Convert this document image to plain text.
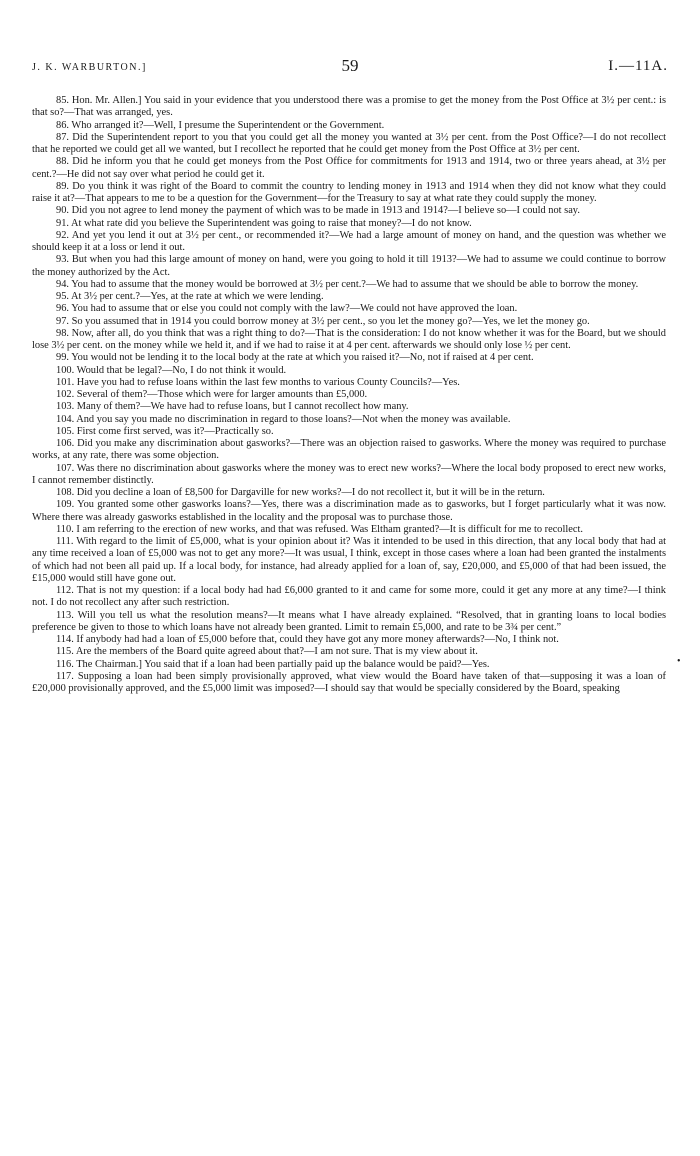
J. K. WARBURTON.]	59	I.—11A.

85. Hon. Mr. Allen.] You said in your evidence that you understood there was a promise to get the money from the Post Office at 3½ per cent.: is that so?—That was arranged, yes.

86. Who arranged it?—Well, I presume the Superintendent or the Government.

87. Did the Superintendent report to you that you could get all the money you wanted at 3½ per cent. from the Post Office?—I do not recollect that he reported we could get all we wanted, but I recollect he reported that he could get money from the Post Office at 3½ per cent.

88. Did he inform you that he could get moneys from the Post Office for commitments for 1913 and 1914, two or three years ahead, at 3½ per cent.?—He did not say over what period he could get it.

89. Do you think it was right of the Board to commit the country to lending money in 1913 and 1914 when they did not know what they could raise it at?—That appears to me to be a question for the Government—for the Treasury to say at what rate they could supply the money.

90. Did you not agree to lend money the payment of which was to be made in 1913 and 1914?—I believe so—I could not say.

91. At what rate did you believe the Superintendent was going to raise that money?—I do not know.

92. And yet you lend it out at 3½ per cent., or recommended it?—We had a large amount of money on hand, and the question was whether we should keep it at a loss or lend it out.

93. But when you had this large amount of money on hand, were you going to hold it till 1913?—We had to assume we could continue to borrow the money authorized by the Act.

94. You had to assume that the money would be borrowed at 3½ per cent.?—We had to assume that we should be able to borrow the money.

95. At 3½ per cent.?—Yes, at the rate at which we were lending.

96. You had to assume that or else you could not comply with the law?—We could not have approved the loan.

97. So you assumed that in 1914 you could borrow money at 3½ per cent., so you let the money go?—Yes, we let the money go.

98. Now, after all, do you think that was a right thing to do?—That is the consideration: I do not know whether it was for the Board, but we should lose 3½ per cent. on the money while we held it, and if we had to raise it at 4 per cent. afterwards we should only lose ½ per cent.

99. You would not be lending it to the local body at the rate at which you raised it?—No, not if raised at 4 per cent.

100. Would that be legal?—No, I do not think it would.

101. Have you had to refuse loans within the last few months to various County Councils?—Yes.

102. Several of them?—Those which were for larger amounts than £5,000.

103. Many of them?—We have had to refuse loans, but I cannot recollect how many.

104. And you say you made no discrimination in regard to those loans?—Not when the money was available.

105. First come first served, was it?—Practically so.

106. Did you make any discrimination about gasworks?—There was an objection raised to gasworks. Where the money was required to purchase works, at any rate, there was some objection.

107. Was there no discrimination about gasworks where the money was to erect new works?—Where the local body proposed to erect new works, I cannot remember distinctly.

108. Did you decline a loan of £8,500 for Dargaville for new works?—I do not recollect it, but it will be in the return.

109. You granted some other gasworks loans?—Yes, there was a discrimination made as to gasworks, but I forget particularly what it was now. Where there was already gasworks established in the locality and the proposal was to purchase those.

110. I am referring to the erection of new works, and that was refused. Was Eltham granted?—It is difficult for me to recollect.

111. With regard to the limit of £5,000, what is your opinion about it? Was it intended to be used in this direction, that any local body that had at any time received a loan of £5,000 was not to get any more?—It was usual, I think, except in those cases where a loan had been granted the instalments of which had not been all paid up. If a local body, for instance, had already applied for a loan of, say, £20,000, and £5,000 of that had been issued, the £15,000 would still have gone out.

112. That is not my question: if a local body had had £6,000 granted to it and came for some more, could it get any more at any time?—I think not. I do not recollect any after such restriction.

113. Will you tell us what the resolution means?—It means what I have already explained. “Resolved, that in granting loans to local bodies preference be given to those to which loans have not already been granted. Limit to remain £5,000, and rate to be 3¾ per cent.”

114. If anybody had had a loan of £5,000 before that, could they have got any more money afterwards?—No, I think not.

115. Are the members of the Board quite agreed about that?—I am not sure. That is my view about it.

116. The Chairman.] You said that if a loan had been partially paid up the balance would be paid?—Yes.

117. Supposing a loan had been simply provisionally approved, what view would the Board have taken of that—supposing it was a loan of £20,000 provisionally approved, and the £5,000 limit was imposed?—I should say that would be specially considered by the Board, speaking

•
